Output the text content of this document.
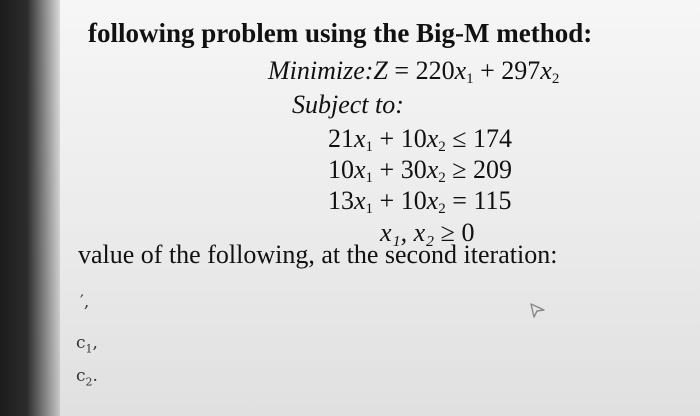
following problem using the Big-M method:
Minimize:Z = $220x_1 + 297x_2$
Subject to:
$21x_1 + 10x_2 \le 174$
$10x_1 + 30x_2 \ge 209$
$13x_1 + 10x_2 = 115$
x₁, x₂ ≥ 0
value of the following, at the second iteration:
′,
$c_1$,
$c_2$.
